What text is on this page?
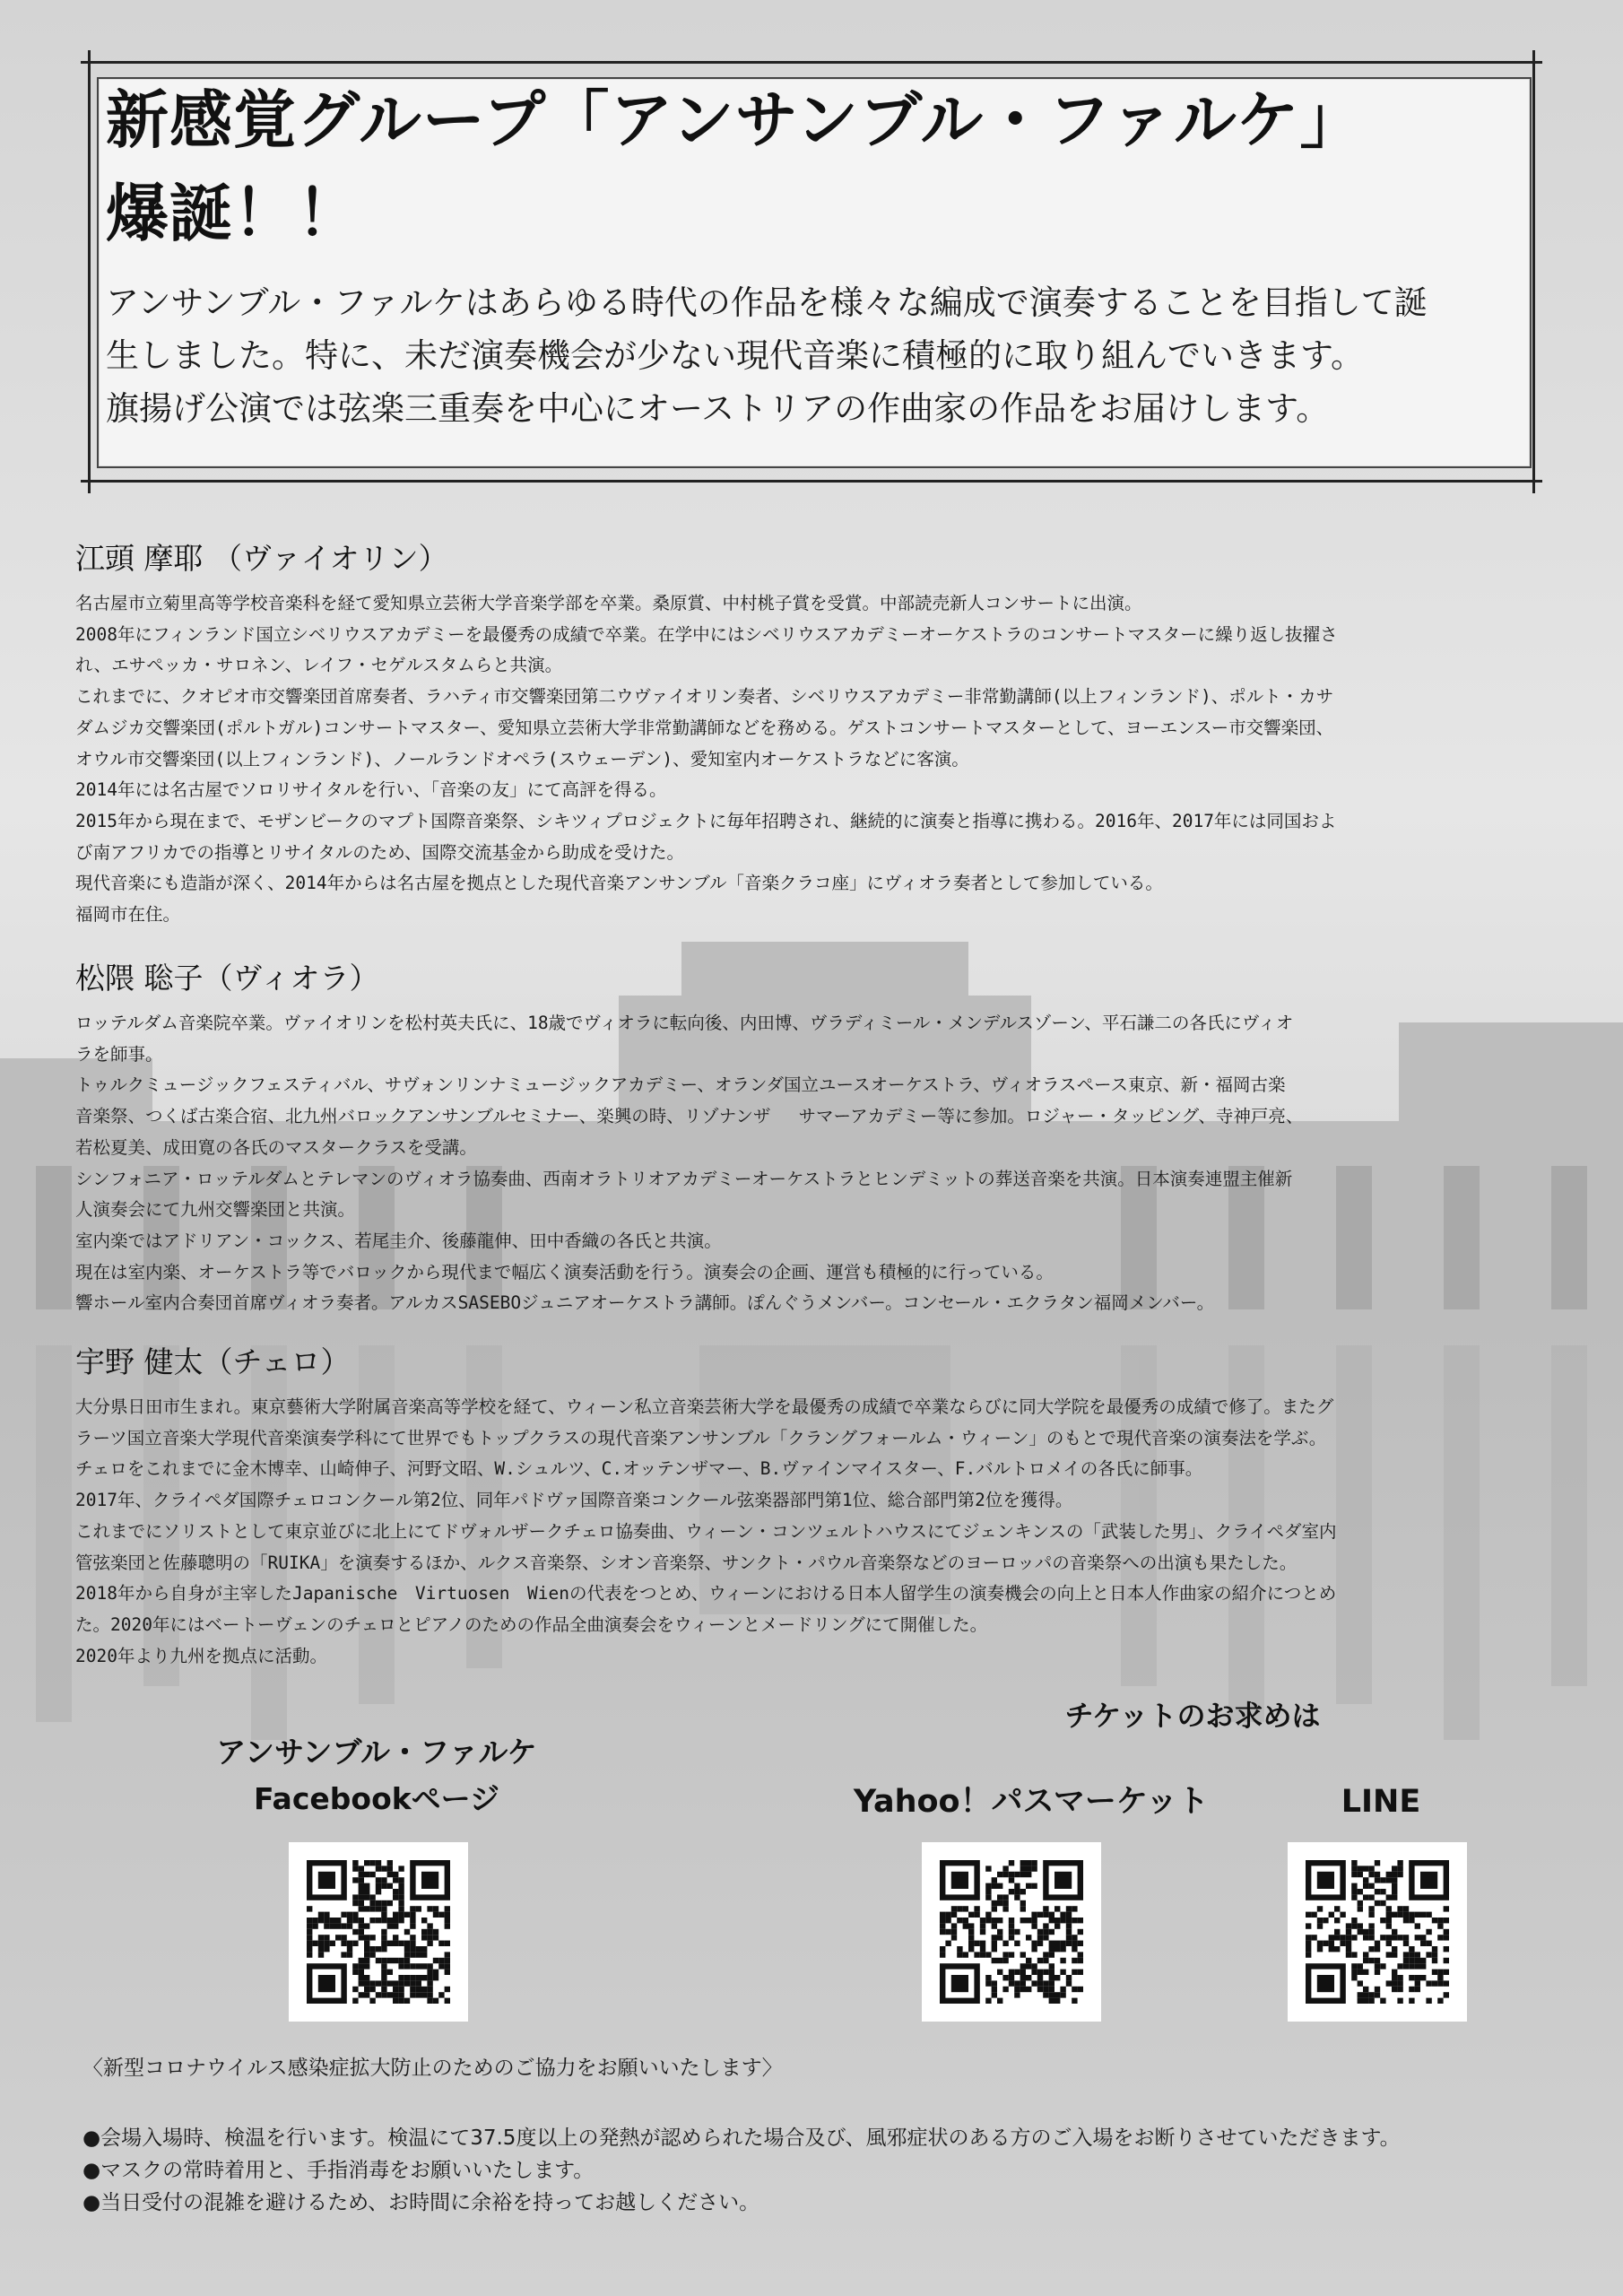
新感覚グループ「アンサンブル・ファルケ」
爆誕！！

アンサンブル・ファルケはあらゆる時代の作品を様々な編成で演奏することを目指して誕

生しました。特に、未だ演奏機会が少ない現代音楽に積極的に取り組んでいきます。

旗揚げ公演では弦楽三重奏を中心にオーストリアの作曲家の作品をお届けします。

江頭 摩耶 （ヴァイオリン）

名古屋市立菊里高等学校音楽科を経て愛知県立芸術大学音楽学部を卒業。桑原賞、中村桃子賞を受賞。中部読売新人コンサートに出演。

2008年にフィンランド国立シベリウスアカデミーを最優秀の成績で卒業。在学中にはシベリウスアカデミーオーケストラのコンサートマスターに繰り返し抜擢さ

れ、エサペッカ・サロネン、レイフ・セゲルスタムらと共演。

これまでに、クオピオ市交響楽団首席奏者、ラハティ市交響楽団第二ウヴァイオリン奏者、シベリウスアカデミー非常勤講師(以上フィンランド)、ポルト・カサ

ダムジカ交響楽団(ポルトガル)コンサートマスター、愛知県立芸術大学非常勤講師などを務める。ゲストコンサートマスターとして、ヨーエンスー市交響楽団、

オウル市交響楽団(以上フィンランド)、ノールランドオペラ(スウェーデン)、愛知室内オーケストラなどに客演。

2014年には名古屋でソロリサイタルを行い、「音楽の友」にて高評を得る。

2015年から現在まで、モザンビークのマプト国際音楽祭、シキツィプロジェクトに毎年招聘され、継続的に演奏と指導に携わる。2016年、2017年には同国およ

び南アフリカでの指導とリサイタルのため、国際交流基金から助成を受けた。

現代音楽にも造詣が深く、2014年からは名古屋を拠点とした現代音楽アンサンブル「音楽クラコ座」にヴィオラ奏者として参加している。

福岡市在住。

松隈 聡子（ヴィオラ）

ロッテルダム音楽院卒業。ヴァイオリンを松村英夫氏に、18歳でヴィオラに転向後、内田博、ヴラディミール・メンデルスゾーン、平石謙二の各氏にヴィオ

ラを師事。

トゥルクミュージックフェスティバル、サヴォンリンナミュージックアカデミー、オランダ国立ユースオーケストラ、ヴィオラスペース東京、新・福岡古楽

音楽祭、つくば古楽合宿、北九州バロックアンサンブルセミナー、楽興の時、リゾナンザ　 サマーアカデミー等に参加。ロジャー・タッピング、寺神戸亮、

若松夏美、成田寛の各氏のマスタークラスを受講。

シンフォニア・ロッテルダムとテレマンのヴィオラ協奏曲、西南オラトリオアカデミーオーケストラとヒンデミットの葬送音楽を共演。日本演奏連盟主催新

人演奏会にて九州交響楽団と共演。

室内楽ではアドリアン・コックス、若尾圭介、後藤龍伸、田中香織の各氏と共演。

現在は室内楽、オーケストラ等でバロックから現代まで幅広く演奏活動を行う。演奏会の企画、運営も積極的に行っている。

響ホール室内合奏団首席ヴィオラ奏者。アルカスSASEBOジュニアオーケストラ講師。ぽんぐうメンバー。コンセール・エクラタン福岡メンバー。

宇野 健太（チェロ）

大分県日田市生まれ。東京藝術大学附属音楽高等学校を経て、ウィーン私立音楽芸術大学を最優秀の成績で卒業ならびに同大学院を最優秀の成績で修了。またグ

ラーツ国立音楽大学現代音楽演奏学科にて世界でもトップクラスの現代音楽アンサンブル「クラングフォールム・ウィーン」のもとで現代音楽の演奏法を学ぶ。

チェロをこれまでに金木博幸、山崎伸子、河野文昭、W.シュルツ、C.オッテンザマー、B.ヴァインマイスター、F.バルトロメイの各氏に師事。

2017年、クライペダ国際チェロコンクール第2位、同年パドヴァ国際音楽コンクール弦楽器部門第1位、総合部門第2位を獲得。

これまでにソリストとして東京並びに北上にてドヴォルザークチェロ協奏曲、ウィーン・コンツェルトハウスにてジェンキンスの「武装した男」、クライペダ室内

管弦楽団と佐藤聰明の「RUIKA」を演奏するほか、ルクス音楽祭、シオン音楽祭、サンクト・パウル音楽祭などのヨーロッパの音楽祭への出演も果たした。

2018年から自身が主宰したJapanische　Virtuosen　Wienの代表をつとめ、ウィーンにおける日本人留学生の演奏機会の向上と日本人作曲家の紹介につとめ

た。2020年にはベートーヴェンのチェロとピアノのための作品全曲演奏会をウィーンとメードリングにて開催した。

2020年より九州を拠点に活動。

アンサンブル・ファルケ
Facebookページ
チケットのお求めは
Yahoo！パスマーケット	LINE
〈新型コロナウイルス感染症拡大防止のためのご協力をお願いいたします〉
●会場入場時、検温を行います。検温にて37.5度以上の発熱が認められた場合及び、風邪症状のある方のご入場をお断りさせていただきます。
●マスクの常時着用と、手指消毒をお願いいたします。
●当日受付の混雑を避けるため、お時間に余裕を持ってお越しください。
